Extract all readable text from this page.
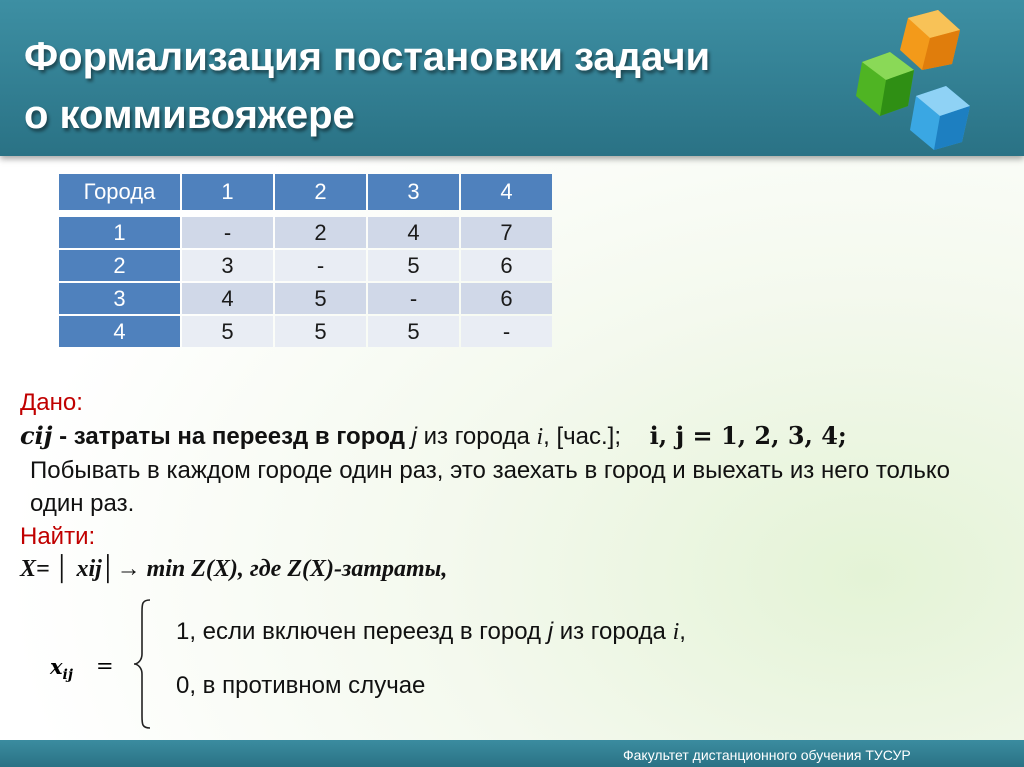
Формализация постановки задачи
о коммивояжере
Города	1	2	3	4

1	-	2	4	7
2	3	-	5	6
3	4	5	-	6
4	5	5	5	-
Дано:
cij - затраты на переезд в город j из города i, [час.]; i, j = 1, 2, 3, 4;
Побывать в каждом городе один раз, это заехать в город и выехать из него только один раз.
Найти:
X= │ xij│→ min Z(X), где Z(X)-затраты,
$x_{ij}$ =
1, если включен переезд в город j из города i,
0, в противном случае
Факультет дистанционного обучения ТУСУР
